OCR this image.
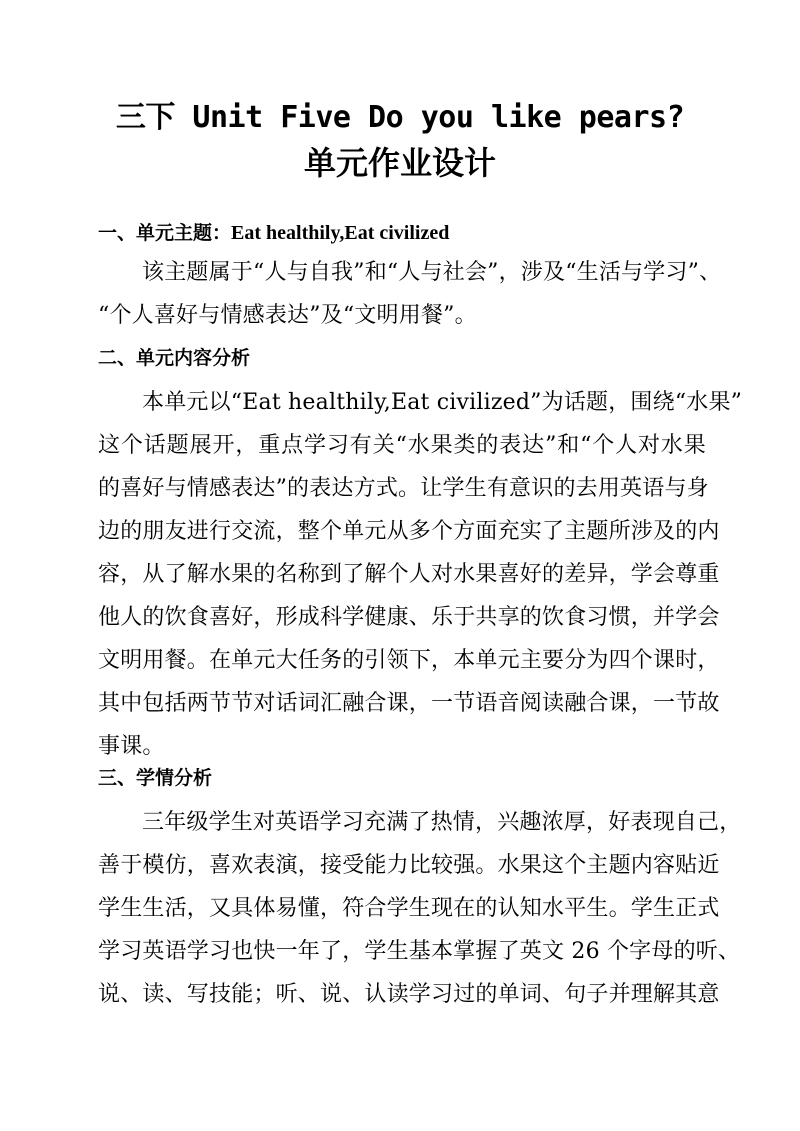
三下 Unit Five Do you like pears?
单元作业设计
一、单元主题：Eat healthily,Eat civilized
该主题属于“人与自我”和“人与社会”，涉及“生活与学习”、
“个人喜好与情感表达”及“文明用餐”。
二、单元内容分析
本单元以“Eat healthily,Eat civilized”为话题，围绕“水果”
这个话题展开，重点学习有关“水果类的表达”和“个人对水果
的喜好与情感表达”的表达方式。让学生有意识的去用英语与身
边的朋友进行交流，整个单元从多个方面充实了主题所涉及的内
容，从了解水果的名称到了解个人对水果喜好的差异，学会尊重
他人的饮食喜好，形成科学健康、乐于共享的饮食习惯，并学会
文明用餐。在单元大任务的引领下，本单元主要分为四个课时，
其中包括两节节对话词汇融合课，一节语音阅读融合课，一节故
事课。
三、学情分析
三年级学生对英语学习充满了热情，兴趣浓厚，好表现自己，
善于模仿，喜欢表演，接受能力比较强。水果这个主题内容贴近
学生生活，又具体易懂，符合学生现在的认知水平生。学生正式
学习英语学习也快一年了，学生基本掌握了英文 26 个字母的听、
说、读、写技能；听、说、认读学习过的单词、句子并理解其意
